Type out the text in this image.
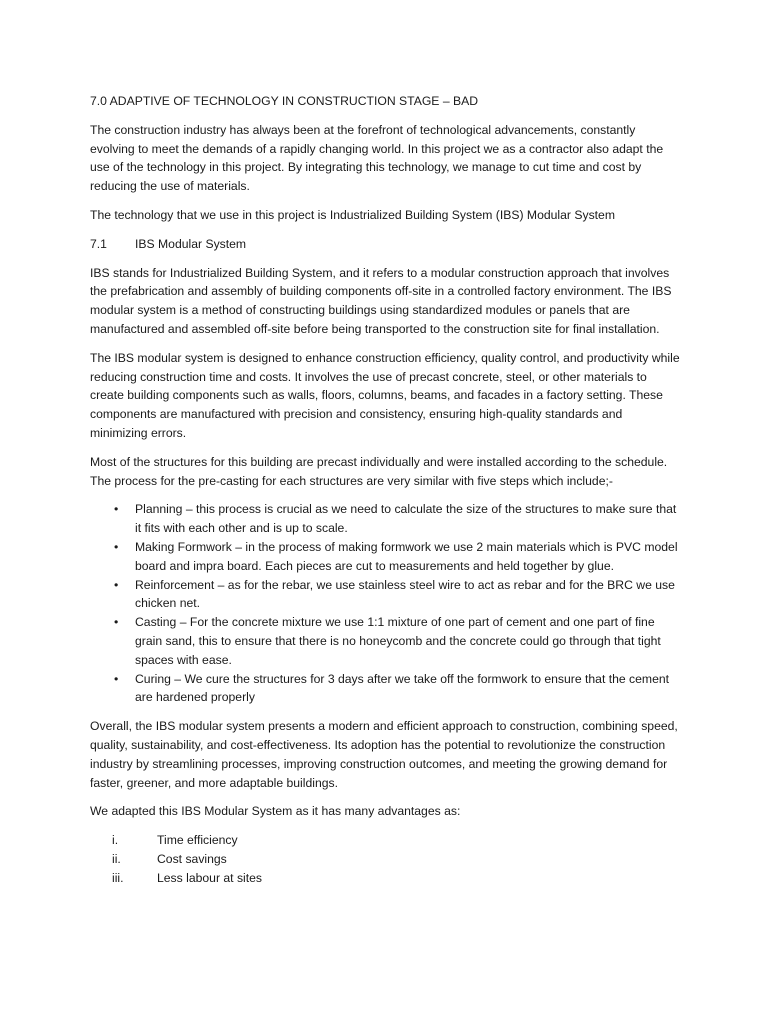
7.0 ADAPTIVE OF TECHNOLOGY IN CONSTRUCTION STAGE – BAD

The construction industry has always been at the forefront of technological advancements, constantly evolving to meet the demands of a rapidly changing world. In this project we as a contractor also adapt the use of the technology in this project. By integrating this technology, we manage to cut time and cost by reducing the use of materials.

The technology that we use in this project is Industrialized Building System (IBS) Modular System

7.1	IBS Modular System

IBS stands for Industrialized Building System, and it refers to a modular construction approach that involves the prefabrication and assembly of building components off-site in a controlled factory environment. The IBS modular system is a method of constructing buildings using standardized modules or panels that are manufactured and assembled off-site before being transported to the construction site for final installation.

The IBS modular system is designed to enhance construction efficiency, quality control, and productivity while reducing construction time and costs. It involves the use of precast concrete, steel, or other materials to create building components such as walls, floors, columns, beams, and facades in a factory setting. These components are manufactured with precision and consistency, ensuring high-quality standards and minimizing errors.

Most of the structures for this building are precast individually and were installed according to the schedule. The process for the pre-casting for each structures are very similar with five steps which include;-

• Planning – this process is crucial as we need to calculate the size of the structures to make sure that it fits with each other and is up to scale.
• Making Formwork – in the process of making formwork we use 2 main materials which is PVC model board and impra board. Each pieces are cut to measurements and held together by glue.
• Reinforcement – as for the rebar, we use stainless steel wire to act as rebar and for the BRC we use chicken net.
• Casting – For the concrete mixture we use 1:1 mixture of one part of cement and one part of fine grain sand, this to ensure that there is no honeycomb and the concrete could go through that tight spaces with ease.
• Curing – We cure the structures for 3 days after we take off the formwork to ensure that the cement are hardened properly

Overall, the IBS modular system presents a modern and efficient approach to construction, combining speed, quality, sustainability, and cost-effectiveness. Its adoption has the potential to revolutionize the construction industry by streamlining processes, improving construction outcomes, and meeting the growing demand for faster, greener, and more adaptable buildings.

We adapted this IBS Modular System as it has many advantages as:

i.	Time efficiency
ii.	Cost savings
iii.	Less labour at sites
